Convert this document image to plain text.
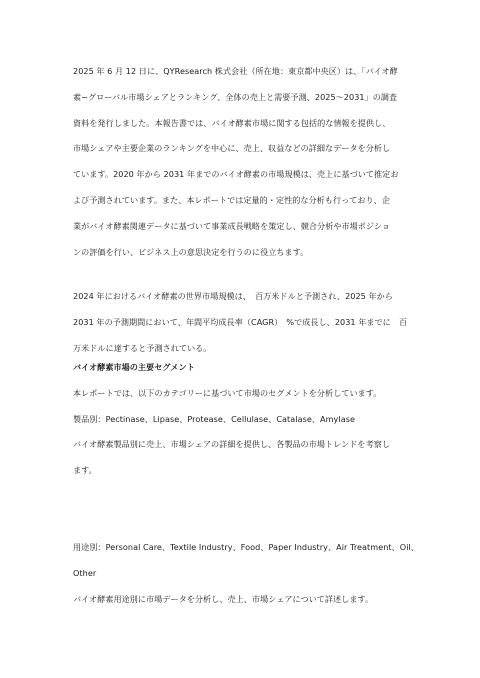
2025 年 6 月 12 日に、QYResearch 株式会社（所在地：東京都中央区）は、「バイオ酵
素−グローバル市場シェアとランキング、全体の売上と需要予測、2025〜2031」の調査
資料を発行しました。本報告書では、バイオ酵素市場に関する包括的な情報を提供し、
市場シェアや主要企業のランキングを中心に、売上、収益などの詳細なデータを分析し
ています。2020 年から 2031 年までのバイオ酵素の市場規模は、売上に基づいて推定お
よび予測されています。また、本レポートでは定量的・定性的な分析も行っており、企
業がバイオ酵素関連データに基づいて事業成長戦略を策定し、競合分析や市場ポジショ
ンの評価を行い、ビジネス上の意思決定を行うのに役立ちます。
2024 年におけるバイオ酵素の世界市場規模は、　百万米ドルと予測され、2025 年から
2031 年の予測期間において、年間平均成長率（CAGR）　%で成長し、2031 年までに　百
万米ドルに達すると予測されている。
バイオ酵素市場の主要セグメント
本レポートでは、以下のカテゴリーに基づいて市場のセグメントを分析しています。
製品別：Pectinase、Lipase、Protease、Cellulase、Catalase、Amylase
バイオ酵素製品別に売上、市場シェアの詳細を提供し、各製品の市場トレンドを考察し
ます。
用途別：Personal Care、Textile Industry、Food、Paper Industry、Air Treatment、Oil、
Other
バイオ酵素用途別に市場データを分析し、売上、市場シェアについて詳述します。
